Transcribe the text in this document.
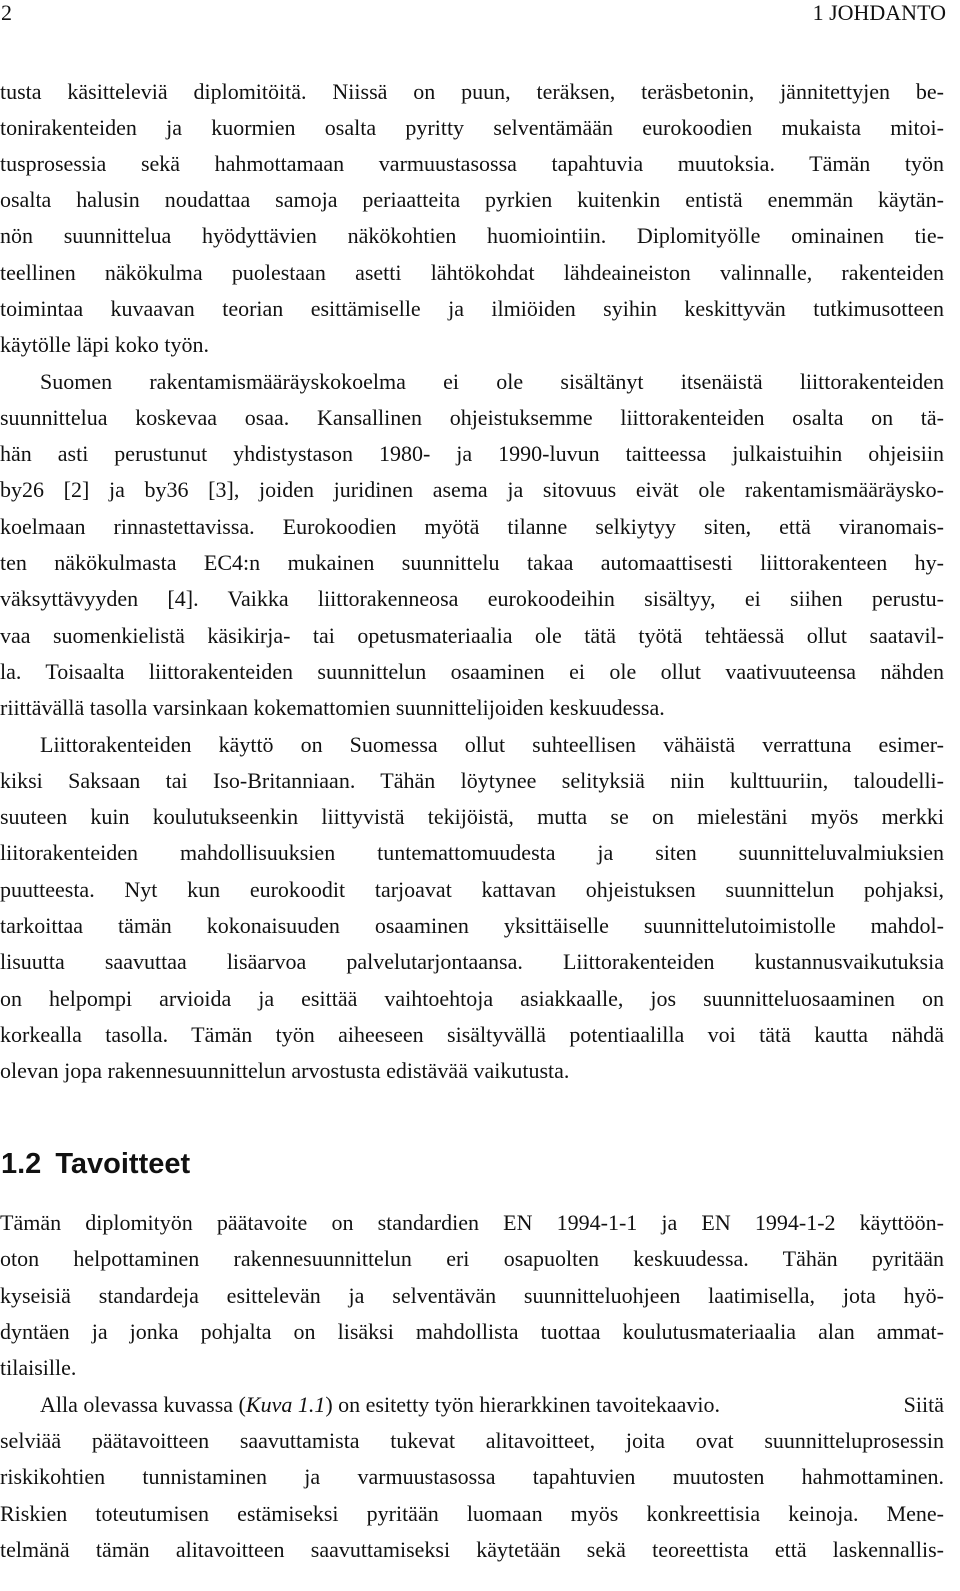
2	1 JOHDANTO
tusta käsitteleviä diplomitöitä. Niissä on puun, teräksen, teräsbetonin, jännitettyjen be-
tonirakenteiden ja kuormien osalta pyritty selventämään eurokoodien mukaista mitoi-
tusprosessia sekä hahmottamaan varmuustasossa tapahtuvia muutoksia. Tämän työn
osalta halusin noudattaa samoja periaatteita pyrkien kuitenkin entistä enemmän käytän-
nön suunnittelua hyödyttävien näkökohtien huomiointiin. Diplomityölle ominainen tie-
teellinen näkökulma puolestaan asetti lähtökohdat lähdeaineiston valinnalle, rakenteiden
toimintaa kuvaavan teorian esittämiselle ja ilmiöiden syihin keskittyvän tutkimusotteen
käytölle läpi koko työn.
Suomen rakentamismääräyskokoelma ei ole sisältänyt itsenäistä liittorakenteiden
suunnittelua koskevaa osaa. Kansallinen ohjeistuksemme liittorakenteiden osalta on tä-
hän asti perustunut yhdistystason 1980- ja 1990-luvun taitteessa julkaistuihin ohjeisiin
by26 [2] ja by36 [3], joiden juridinen asema ja sitovuus eivät ole rakentamismääräysko-
koelmaan rinnastettavissa. Eurokoodien myötä tilanne selkiytyy siten, että viranomais-
ten näkökulmasta EC4:n mukainen suunnittelu takaa automaattisesti liittorakenteen hy-
väksyttävyyden [4]. Vaikka liittorakenneosa eurokoodeihin sisältyy, ei siihen perustu-
vaa suomenkielistä käsikirja- tai opetusmateriaalia ole tätä työtä tehtäessä ollut saatavil-
la. Toisaalta liittorakenteiden suunnittelun osaaminen ei ole ollut vaativuuteensa nähden
riittävällä tasolla varsinkaan kokemattomien suunnittelijoiden keskuudessa.
Liittorakenteiden käyttö on Suomessa ollut suhteellisen vähäistä verrattuna esimer-
kiksi Saksaan tai Iso-Britanniaan. Tähän löytynee selityksiä niin kulttuuriin, taloudelli-
suuteen kuin koulutukseenkin liittyvistä tekijöistä, mutta se on mielestäni myös merkki
liitorakenteiden mahdollisuuksien tuntemattomuudesta ja siten suunnitteluvalmiuksien
puutteesta. Nyt kun eurokoodit tarjoavat kattavan ohjeistuksen suunnittelun pohjaksi,
tarkoittaa tämän kokonaisuuden osaaminen yksittäiselle suunnittelutoimistolle mahdol-
lisuutta saavuttaa lisäarvoa palvelutarjontaansa. Liittorakenteiden kustannusvaikutuksia
on helpompi arvioida ja esittää vaihtoehtoja asiakkaalle, jos suunnitteluosaaminen on
korkealla tasolla. Tämän työn aiheeseen sisältyvällä potentiaalilla voi tätä kautta nähdä
olevan jopa rakennesuunnittelun arvostusta edistävää vaikutusta.
1.2 Tavoitteet
Tämän diplomityön päätavoite on standardien EN 1994-1-1 ja EN 1994-1-2 käyttöön-
oton helpottaminen rakennesuunnittelun eri osapuolten keskuudessa. Tähän pyritään
kyseisiä standardeja esittelevän ja selventävän suunnitteluohjeen laatimisella, jota hyö-
dyntäen ja jonka pohjalta on lisäksi mahdollista tuottaa koulutusmateriaalia alan ammat-
tilaisille.
Alla olevassa kuvassa (Kuva 1.1) on esitetty työn hierarkkinen tavoitekaavio.	Siitä
selviää päätavoitteen saavuttamista tukevat alitavoitteet, joita ovat suunnitteluprosessin
riskikohtien tunnistaminen ja varmuustasossa tapahtuvien muutosten hahmottaminen.
Riskien toteutumisen estämiseksi pyritään luomaan myös konkreettisia keinoja. Mene-
telmänä tämän alitavoitteen saavuttamiseksi käytetään sekä teoreettista että laskennallis-
